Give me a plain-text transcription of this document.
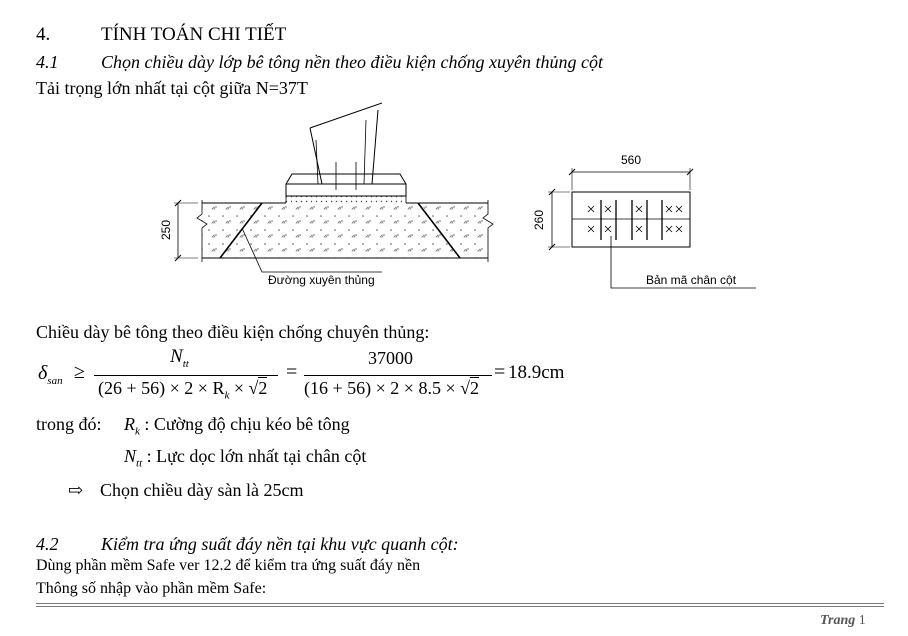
4.	TÍNH TOÁN CHI TIẾT
4.1 Chọn chiều dày lớp bê tông nền theo điều kiện chống xuyên thủng cột
Tải trọng lớn nhất tại cột giữa N=37T
250
Đường xuyên thủng
560
260
Bản mã chân cột
Chiều dày bê tông theo điều kiện chống chuyên thủng:
$\delta_{san}$ ≥
$N_{tt}$
$(26 + 56) \times 2 \times R_k \times √2$
=
37000
(16 + 56) × 2 × 8.5 × √2
= 18.9cm
trong đó: $R_k$ : Cường độ chịu kéo bê tông
$N_{tt}$ : Lực dọc lớn nhất tại chân cột
⇨ Chọn chiều dày sàn là 25cm
4.2 Kiểm tra ứng suất đáy nền tại khu vực quanh cột:
Dùng phần mềm Safe ver 12.2 để kiểm tra ứng suất đáy nền
Thông số nhập vào phần mềm Safe:
Trang 1
